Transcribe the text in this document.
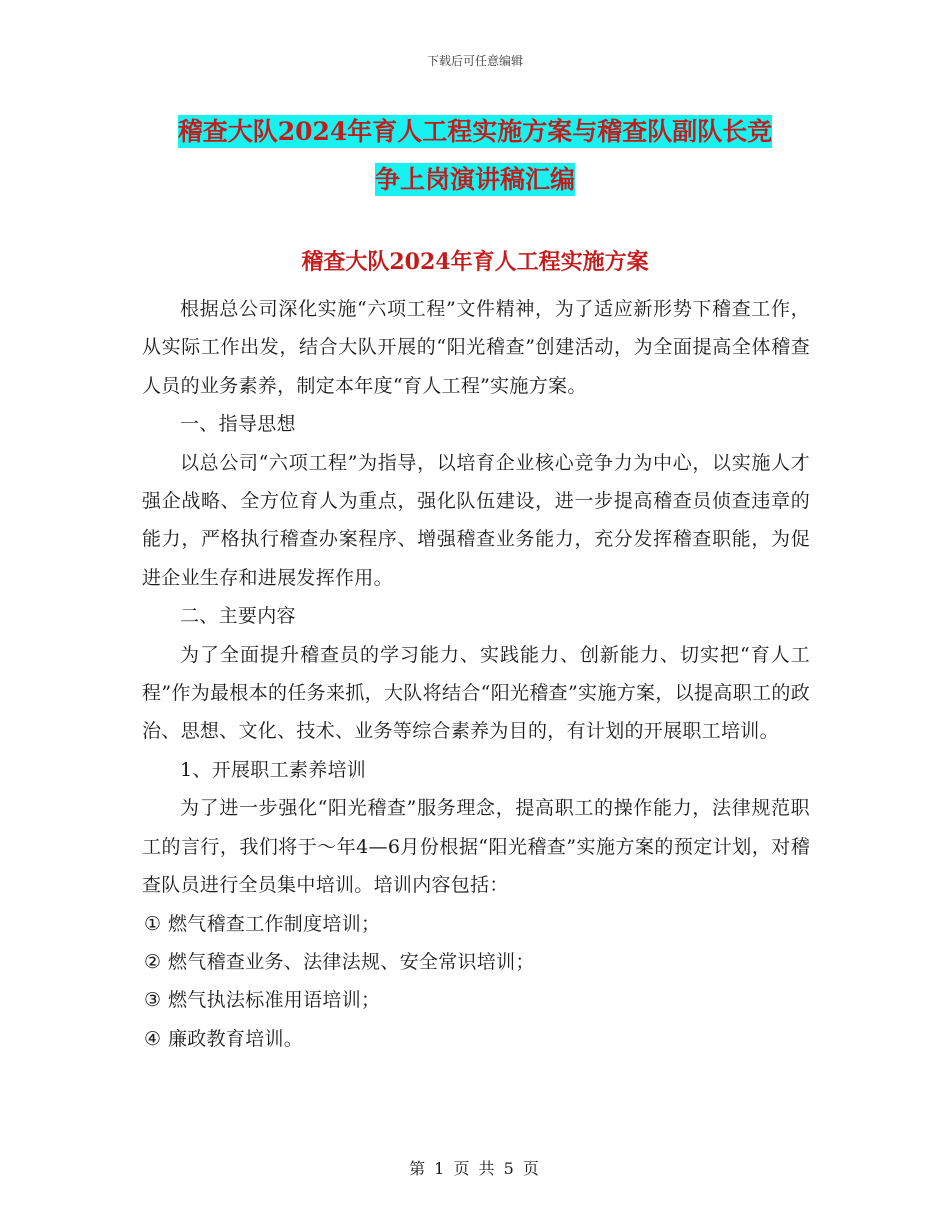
下载后可任意编辑
稽查大队2024年育人工程实施方案与稽查队副队长竞
争上岗演讲稿汇编
稽查大队2024年育人工程实施方案

根据总公司深化实施“六项工程”文件精神，为了适应新形势下稽查工作，从实际工作出发，结合大队开展的“阳光稽查”创建活动，为全面提高全体稽查人员的业务素养，制定本年度“育人工程”实施方案。

一、指导思想

以总公司“六项工程”为指导，以培育企业核心竞争力为中心，以实施人才强企战略、全方位育人为重点，强化队伍建设，进一步提高稽查员侦查违章的能力，严格执行稽查办案程序、增强稽查业务能力，充分发挥稽查职能，为促进企业生存和进展发挥作用。

二、主要内容

为了全面提升稽查员的学习能力、实践能力、创新能力、切实把“育人工程”作为最根本的任务来抓，大队将结合“阳光稽查”实施方案，以提高职工的政治、思想、文化、技术、业务等综合素养为目的，有计划的开展职工培训。

1、开展职工素养培训

为了进一步强化“阳光稽查”服务理念，提高职工的操作能力，法律规范职工的言行，我们将于～年4—6月份根据“阳光稽查”实施方案的预定计划，对稽查队员进行全员集中培训。培训内容包括：

① 燃气稽查工作制度培训；

② 燃气稽查业务、法律法规、安全常识培训；

③ 燃气执法标准用语培训；

④ 廉政教育培训。

第 1 页 共 5 页
